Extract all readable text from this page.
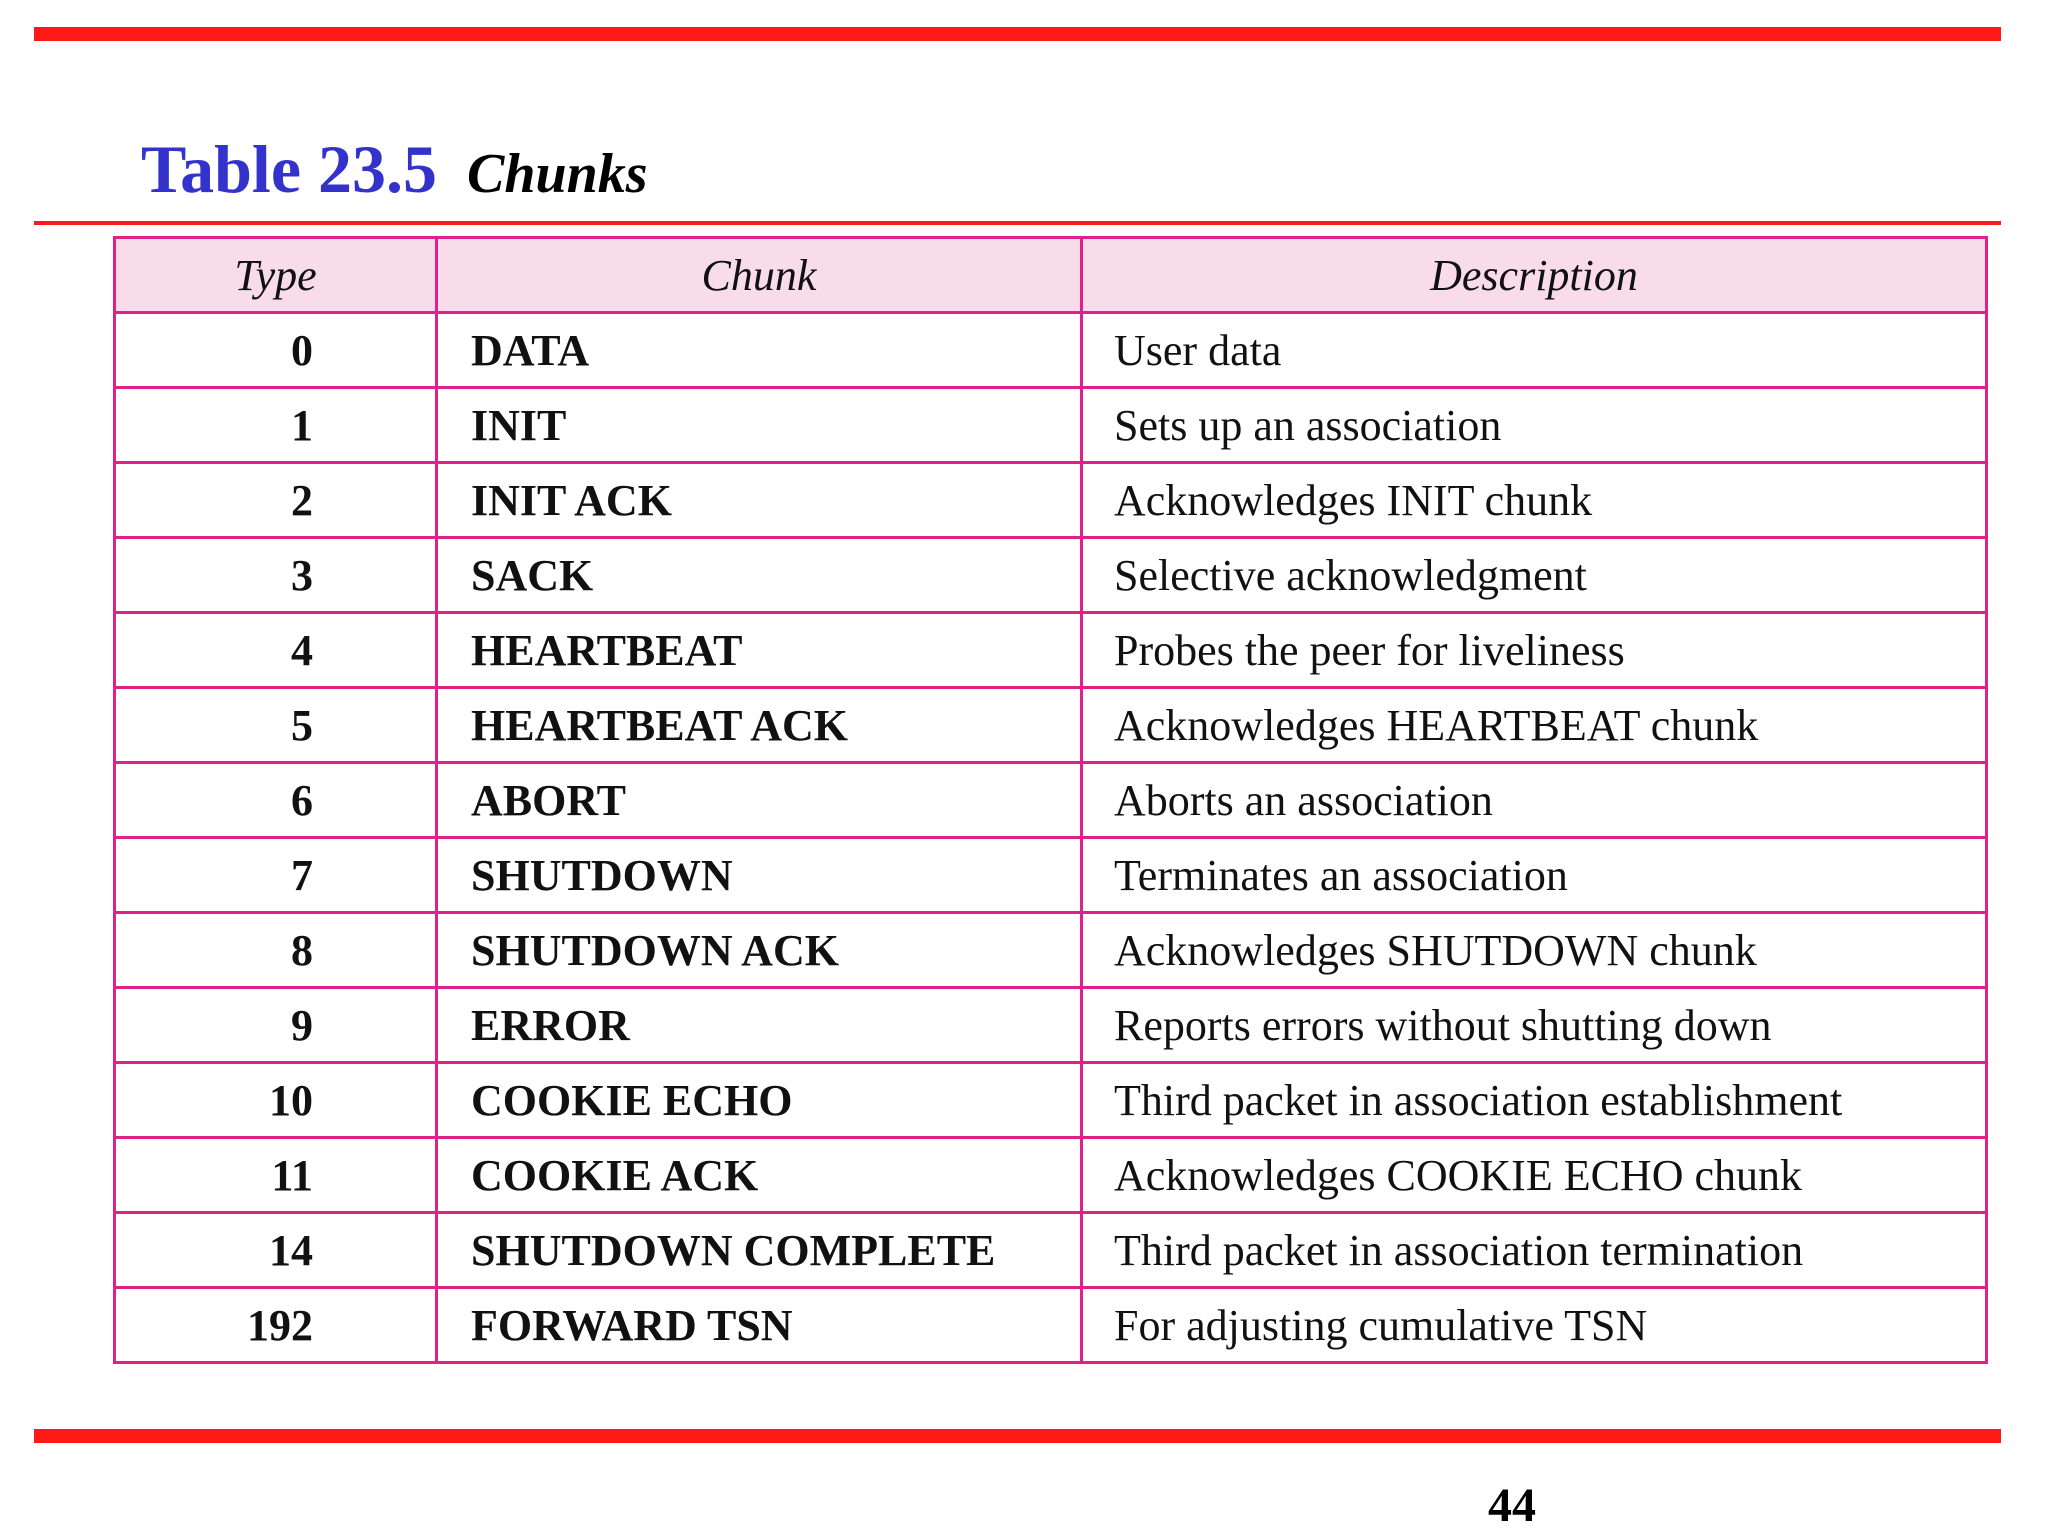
Table 23.5 Chunks
Type	Chunk	Description
0	DATA	User data
1	INIT	Sets up an association
2	INIT ACK	Acknowledges INIT chunk
3	SACK	Selective acknowledgment
4	HEARTBEAT	Probes the peer for liveliness
5	HEARTBEAT ACK	Acknowledges HEARTBEAT chunk
6	ABORT	Aborts an association
7	SHUTDOWN	Terminates an association
8	SHUTDOWN ACK	Acknowledges SHUTDOWN chunk
9	ERROR	Reports errors without shutting down
10	COOKIE ECHO	Third packet in association establishment
11	COOKIE ACK	Acknowledges COOKIE ECHO chunk
14	SHUTDOWN COMPLETE	Third packet in association termination
192	FORWARD TSN	For adjusting cumulative TSN
44
